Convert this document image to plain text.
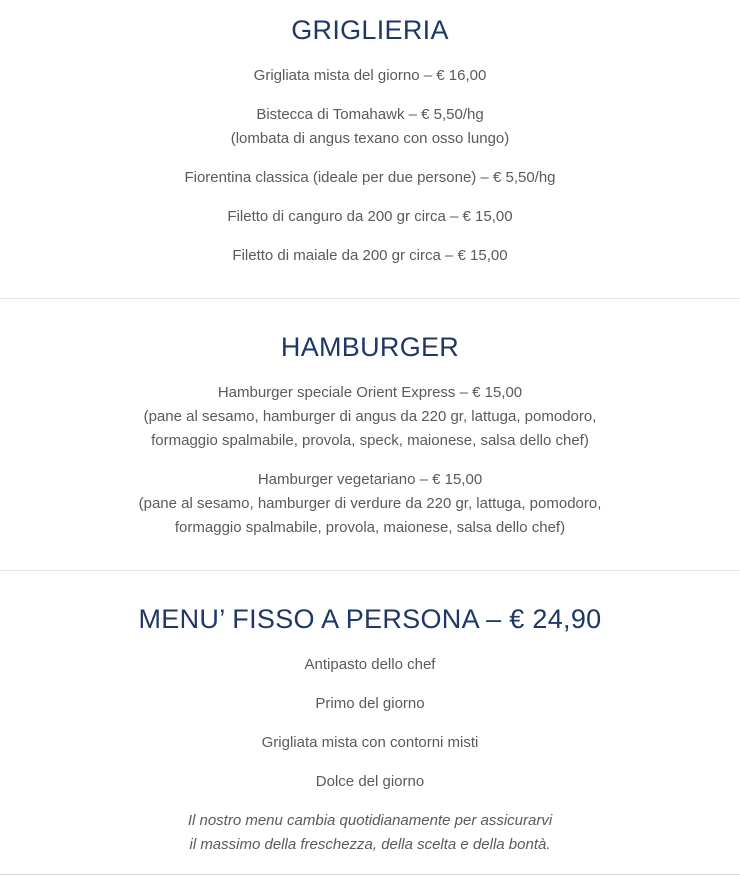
GRIGLIERIA

Grigliata mista del giorno – € 16,00

Bistecca di Tomahawk – € 5,50/hg
(lombata di angus texano con osso lungo)

Fiorentina classica (ideale per due persone) – € 5,50/hg

Filetto di canguro da 200 gr circa – € 15,00

Filetto di maiale da 200 gr circa – € 15,00

HAMBURGER

Hamburger speciale Orient Express – € 15,00
(pane al sesamo, hamburger di angus da 220 gr, lattuga, pomodoro,
formaggio spalmabile, provola, speck, maionese, salsa dello chef)

Hamburger vegetariano – € 15,00
(pane al sesamo, hamburger di verdure da 220 gr, lattuga, pomodoro,
formaggio spalmabile, provola, maionese, salsa dello chef)

MENU’ FISSO A PERSONA – € 24,90

Antipasto dello chef

Primo del giorno

Grigliata mista con contorni misti

Dolce del giorno

Il nostro menu cambia quotidianamente per assicurarvi
il massimo della freschezza, della scelta e della bontà.
